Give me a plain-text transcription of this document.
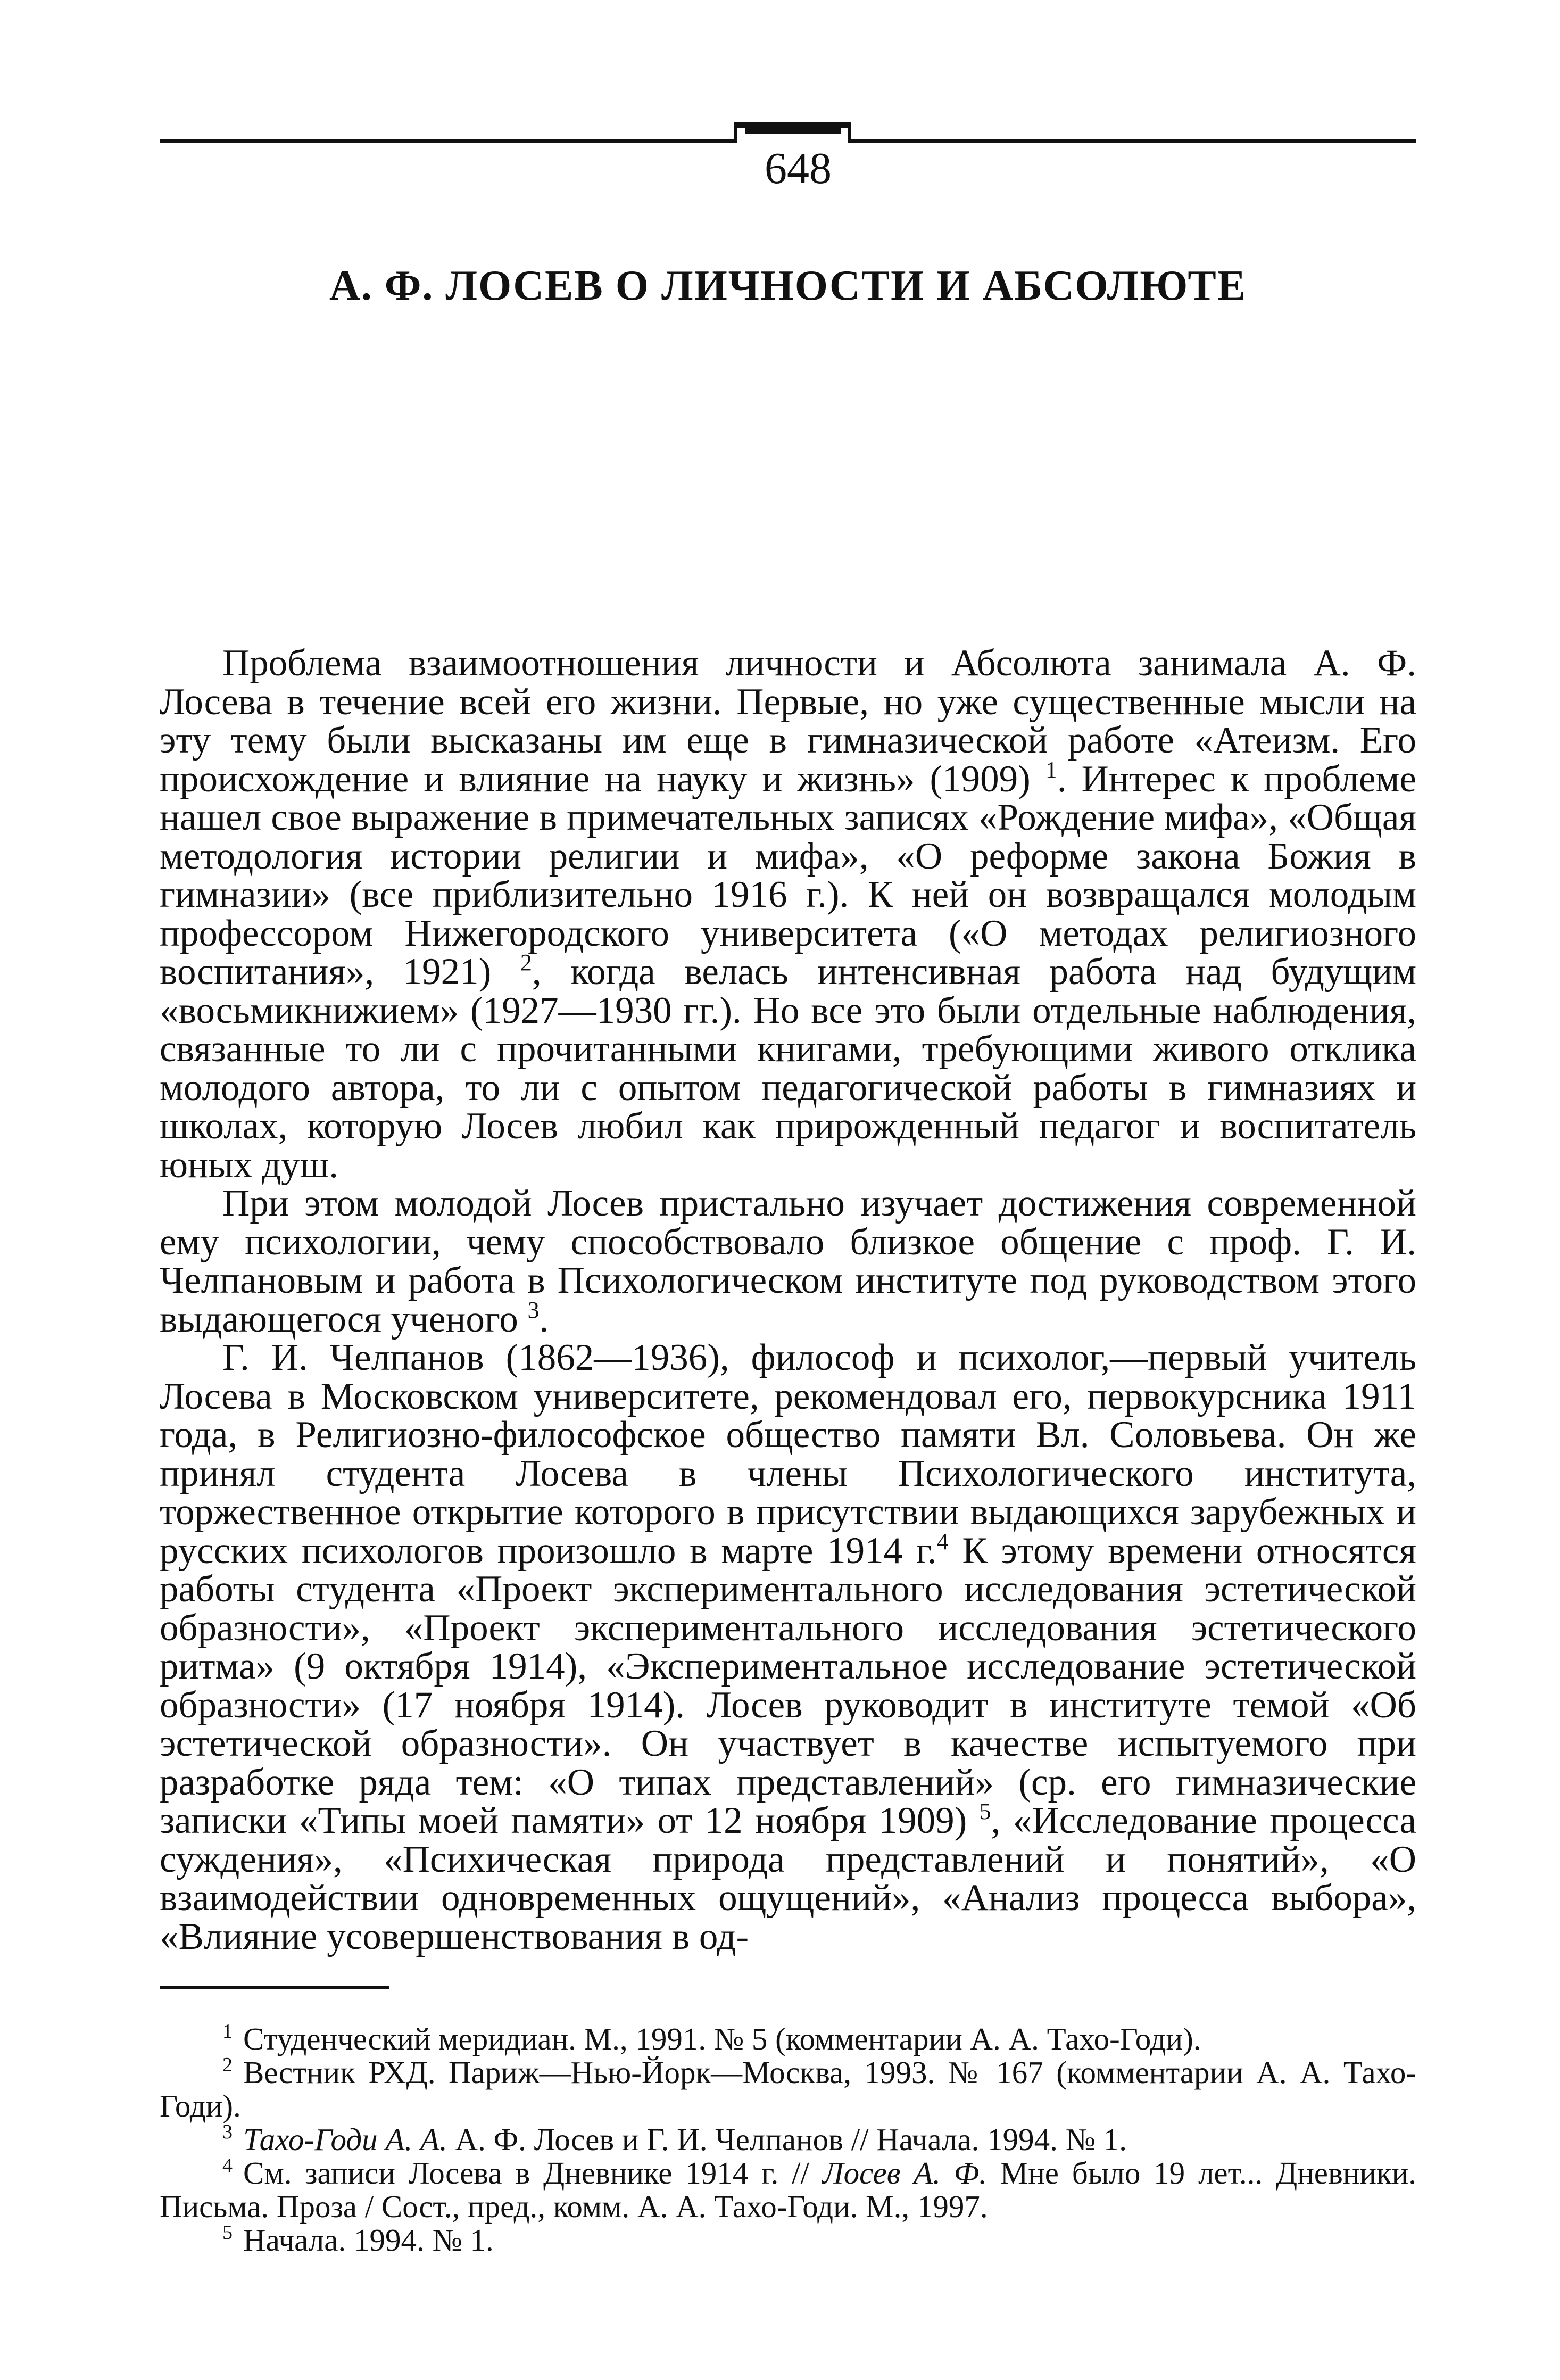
648
А. Ф. ЛОСЕВ О ЛИЧНОСТИ И АБСОЛЮТЕ

Проблема взаимоотношения личности и Абсолюта занимала А. Ф. Лосева в течение всей его жизни. Первые, но уже существенные мысли на эту тему были высказаны им еще в гимназической работе «Атеизм. Его происхождение и влияние на науку и жизнь» (1909) $^1$. Интерес к проблеме нашел свое выражение в примечательных записях «Рождение мифа», «Общая методология истории религии и мифа», «О реформе закона Божия в гимназии» (все приблизительно 1916 г.). К ней он возвращался молодым профессором Нижегородского университета («О методах религиозного воспитания», 1921) $^2$, когда велась интенсивная работа над будущим «восьмикнижием» (1927—1930 гг.). Но все это были отдельные наблюдения, связанные то ли с прочитанными книгами, требующими живого отклика молодого автора, то ли с опытом педагогической работы в гимназиях и школах, которую Лосев любил как прирожденный педагог и воспитатель юных душ.

При этом молодой Лосев пристально изучает достижения современной ему психологии, чему способствовало близкое общение с проф. Г. И. Челпановым и работа в Психологическом институте под руководством этого выдающегося ученого $^3$.

Г. И. Челпанов (1862—1936), философ и психолог,—первый учитель Лосева в Московском университете, рекомендовал его, первокурсника 1911 года, в Религиозно-философское общество памяти Вл. Соловьева. Он же принял студента Лосева в члены Психологического института, торжественное открытие которого в присутствии выдающихся зарубежных и русских психологов произошло в марте 1914 г.$^4$ К этому времени относятся работы студента «Проект экспериментального исследования эстетической образности», «Проект экспериментального исследования эстетического ритма» (9 октября 1914), «Экспериментальное исследование эстетической образности» (17 ноября 1914). Лосев руководит в институте темой «Об эстетической образности». Он участвует в качестве испытуемого при разработке ряда тем: «О типах представлений» (ср. его гимназические записки «Типы моей памяти» от 12 ноября 1909) $^5$, «Исследование процесса суждения», «Психическая природа представлений и понятий», «О взаимодействии одновременных ощущений», «Анализ процесса выбора», «Влияние усовершенствования в од-

$^1$ Студенческий меридиан. М., 1991. № 5 (комментарии А. А. Тахо-Годи).

$^2$ Вестник РХД. Париж—Нью-Йорк—Москва, 1993. № 167 (комментарии А. А. Тахо-Годи).

$^3$ Тахо-Годи А. А. А. Ф. Лосев и Г. И. Челпанов // Начала. 1994. № 1.

$^4$ См. записи Лосева в Дневнике 1914 г. // Лосев А. Ф. Мне было 19 лет... Дневники. Письма. Проза / Сост., пред., комм. А. А. Тахо-Годи. М., 1997.

$^5$ Начала. 1994. № 1.
